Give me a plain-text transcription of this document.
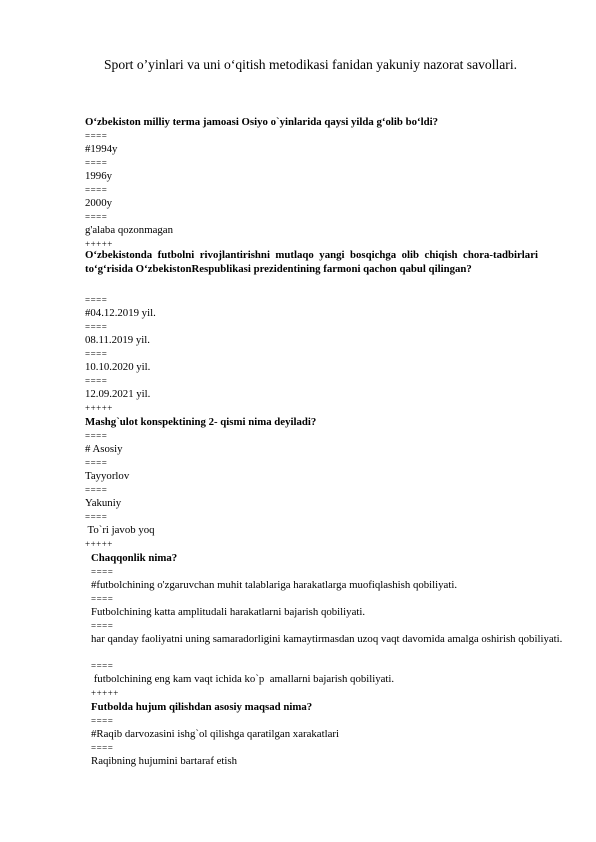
Sport o’yinlari va uni o‘qitish metodikasi fanidan yakuniy nazorat savollari.
O‘zbekiston milliy terma jamoasi Osiyo o`yinlarida qaysi yilda g‘olib bo‘ldi?
====
#1994y
====
1996y
====
2000y
====
g'alaba qozonmagan
+++++
O‘zbekistonda futbolni rivojlantirishni mutlaqo yangi bosqichga olib chiqish chora-tadbirlari to‘g‘risida O‘zbekistonRespublikasi prezidentining farmoni qachon qabul qilingan?
====
#04.12.2019 yil.
====
08.11.2019 yil.
====
10.10.2020 yil.
====
12.09.2021 yil.
+++++
Mashg`ulot konspektining 2- qismi nima deyiladi?
====
# Asosiy
====
Tayyorlov
====
Yakuniy
====
To`ri javob yoq
+++++
Chaqqonlik nima?
====
#futbolchining o'zgaruvchan muhit talablariga harakatlarga muofiqlashish qobiliyati.
====
Futbolchining katta amplitudali harakatlarni bajarish qobiliyati.
====
har qanday faoliyatni uning samaradorligini kamaytirmasdan uzoq vaqt davomida amalga oshirish qobiliyati.
====
futbolchining eng kam vaqt ichida ko`p  amallarni bajarish qobiliyati.
+++++
Futbolda hujum qilishdan asosiy maqsad nima?
====
#Raqib darvozasini ishg`ol qilishga qaratilgan xarakatlari
====
Raqibning hujumini bartaraf etish
